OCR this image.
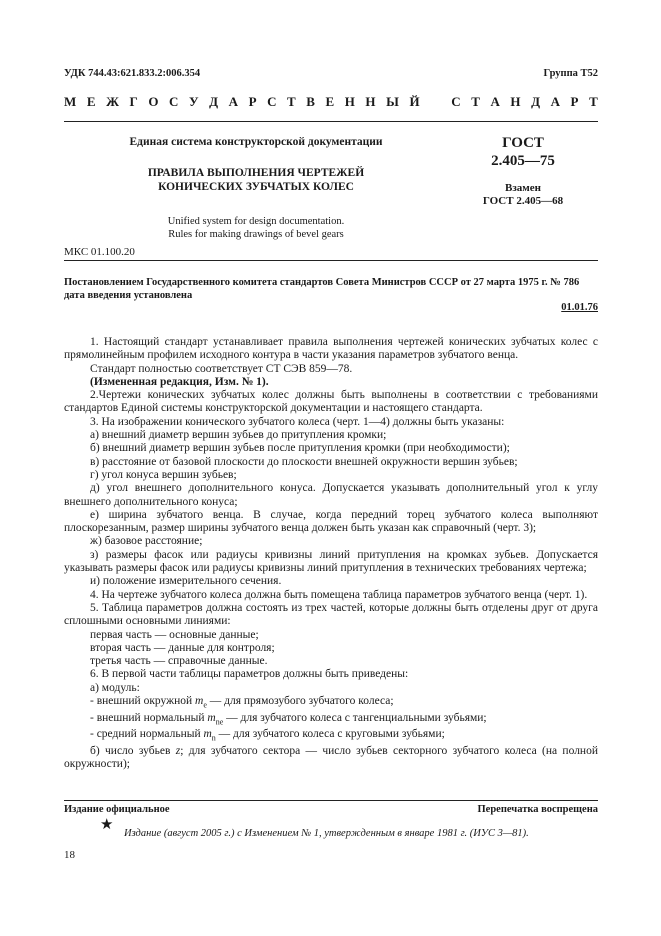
УДК 744.43:621.833.2:006.354	Группа Т52
М Е Ж Г О С У Д А Р С Т В Е Н Н Ы Й С Т А Н Д А Р Т
Единая система конструкторской документации
ПРАВИЛА ВЫПОЛНЕНИЯ ЧЕРТЕЖЕЙ
КОНИЧЕСКИХ ЗУБЧАТЫХ КОЛЕС
Unified system for design documentation.
Rules for making drawings of bevel gears
ГОСТ
2.405—75
Взамен
ГОСТ 2.405—68
МКС 01.100.20
Постановлением Государственного комитета стандартов Совета Министров СССР от 27 марта 1975 г. № 786 дата введения установлена
01.01.76

1. Настоящий стандарт устанавливает правила выполнения чертежей конических зубчатых колес с прямолинейным профилем исходного контура в части указания параметров зубчатого венца.

Стандарт полностью соответствует СТ СЭВ 859—78.

(Измененная редакция, Изм. № 1).

2.Чертежи конических зубчатых колес должны быть выполнены в соответствии с требованиями стандартов Единой системы конструкторской документации и настоящего стандарта.

3. На изображении конического зубчатого колеса (черт. 1—4) должны быть указаны:

а) внешний диаметр вершин зубьев до притупления кромки;

б) внешний диаметр вершин зубьев после притупления кромки (при необходимости);

в) расстояние от базовой плоскости до плоскости внешней окружности вершин зубьев;

г) угол конуса вершин зубьев;

д) угол внешнего дополнительного конуса. Допускается указывать дополнительный угол к углу внешнего дополнительного конуса;

е) ширина зубчатого венца. В случае, когда передний торец зубчатого колеса выполняют плоскорезанным, размер ширины зубчатого венца должен быть указан как справочный (черт. 3);

ж) базовое расстояние;

з) размеры фасок или радиусы кривизны линий притупления на кромках зубьев. Допускается указывать размеры фасок или радиусы кривизны линий притупления в технических требованиях чертежа;

и) положение измерительного сечения.

4. На чертеже зубчатого колеса должна быть помещена таблица параметров зубчатого венца (черт. 1).

5. Таблица параметров должна состоять из трех частей, которые должны быть отделены друг от друга сплошными основными линиями:

первая часть — основные данные;

вторая часть — данные для контроля;

третья часть — справочные данные.

6. В первой части таблицы параметров должны быть приведены:

а) модуль:

- внешний окружной $m_e$ — для прямозубого зубчатого колеса;

- внешний нормальный $m_{nе}$ — для зубчатого колеса с тангенциальными зубьями;

- средний нормальный $m_n$ — для зубчатого колеса с круговыми зубьями;

б) число зубьев z; для зубчатого сектора — число зубьев секторного зубчатого колеса (на полной окружности);

Издание официальное	Перепечатка воспрещена
★
Издание (август 2005 г.) с Изменением № 1, утвержденным в январе 1981 г. (ИУС 3—81).
18
